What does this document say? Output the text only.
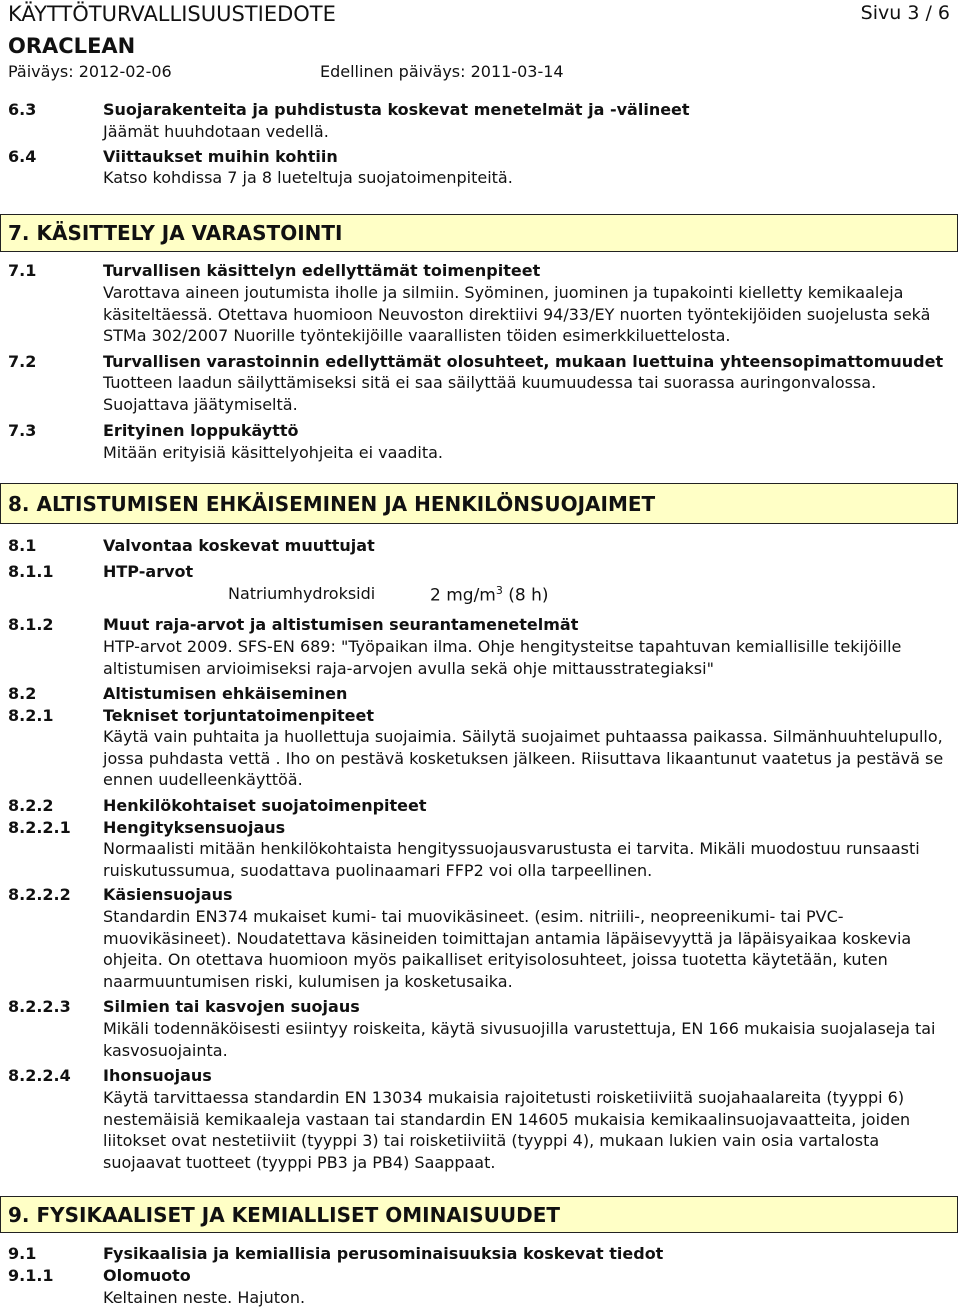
KÄYTTÖTURVALLISUUSTIEDOTE	Sivu 3 / 6
ORACLEAN
Päiväys: 2012-02-06	Edellinen päiväys: 2011-03-14
6.3	Suojarakenteita ja puhdistusta koskevat menetelmät ja -välineet
Jäämät huuhdotaan vedellä.
6.4	Viittaukset muihin kohtiin
Katso kohdissa 7 ja 8 lueteltuja suojatoimenpiteitä.
7. KÄSITTELY JA VARASTOINTI
7.1	Turvallisen käsittelyn edellyttämät toimenpiteet
Varottava aineen joutumista iholle ja silmiin. Syöminen, juominen ja tupakointi kielletty kemikaaleja käsiteltäessä. Otettava huomioon Neuvoston direktiivi 94/33/EY nuorten työntekijöiden suojelusta sekä STMa 302/2007 Nuorille työntekijöille vaarallisten töiden esimerkkiluettelosta.
7.2	Turvallisen varastoinnin edellyttämät olosuhteet, mukaan luettuina yhteensopimattomuudet
Tuotteen laadun säilyttämiseksi sitä ei saa säilyttää kuumuudessa tai suorassa auringonvalossa. Suojattava jäätymiseltä.
7.3	Erityinen loppukäyttö
Mitään erityisiä käsittelyohjeita ei vaadita.
8. ALTISTUMISEN EHKÄISEMINEN JA HENKILÖNSUOJAIMET
8.1	Valvontaa koskevat muuttujat
8.1.1	HTP-arvot
Natriumhydroksidi	2 $mg/m^3$ (8 h)
8.1.2	Muut raja-arvot ja altistumisen seurantamenetelmät
HTP-arvot 2009. SFS-EN 689: "Työpaikan ilma. Ohje hengitysteitse tapahtuvan kemiallisille tekijöille altistumisen arvioimiseksi raja-arvojen avulla sekä ohje mittausstrategiaksi"
8.2	Altistumisen ehkäiseminen
8.2.1	Tekniset torjuntatoimenpiteet
Käytä vain puhtaita ja huollettuja suojaimia. Säilytä suojaimet puhtaassa paikassa. Silmänhuuhtelupullo, jossa puhdasta vettä . Iho on pestävä kosketuksen jälkeen. Riisuttava likaantunut vaatetus ja pestävä se ennen uudelleenkäyttöä.
8.2.2	Henkilökohtaiset suojatoimenpiteet
8.2.2.1 Hengityksensuojaus
Normaalisti mitään henkilökohtaista hengityssuojausvarustusta ei tarvita. Mikäli muodostuu runsaasti ruiskutussumua, suodattava puolinaamari FFP2 voi olla tarpeellinen.
8.2.2.2 Käsiensuojaus
Standardin EN374 mukaiset kumi- tai muovikäsineet. (esim. nitriili-, neopreenikumi- tai PVC-muovikäsineet). Noudatettava käsineiden toimittajan antamia läpäisevyyttä ja läpäisyaikaa koskevia ohjeita. On otettava huomioon myös paikalliset erityisolosuhteet, joissa tuotetta käytetään, kuten naarmuuntumisen riski, kulumisen ja kosketusaika.
8.2.2.3 Silmien tai kasvojen suojaus
Mikäli todennäköisesti esiintyy roiskeita, käytä sivusuojilla varustettuja, EN 166 mukaisia suojalaseja tai kasvosuojainta.
8.2.2.4 Ihonsuojaus
Käytä tarvittaessa standardin EN 13034 mukaisia rajoitetusti roisketiiviitä suojahaalareita (tyyppi 6) nestemäisiä kemikaaleja vastaan tai standardin EN 14605 mukaisia kemikaalinsuojavaatteita, joiden liitokset ovat nestetiiviit (tyyppi 3) tai roisketiiviitä (tyyppi 4), mukaan lukien vain osia vartalosta suojaavat tuotteet (tyyppi PB3 ja PB4) Saappaat.
9. FYSIKAALISET JA KEMIALLISET OMINAISUUDET
9.1	Fysikaalisia ja kemiallisia perusominaisuuksia koskevat tiedot
9.1.1	Olomuoto
Keltainen neste. Hajuton.
